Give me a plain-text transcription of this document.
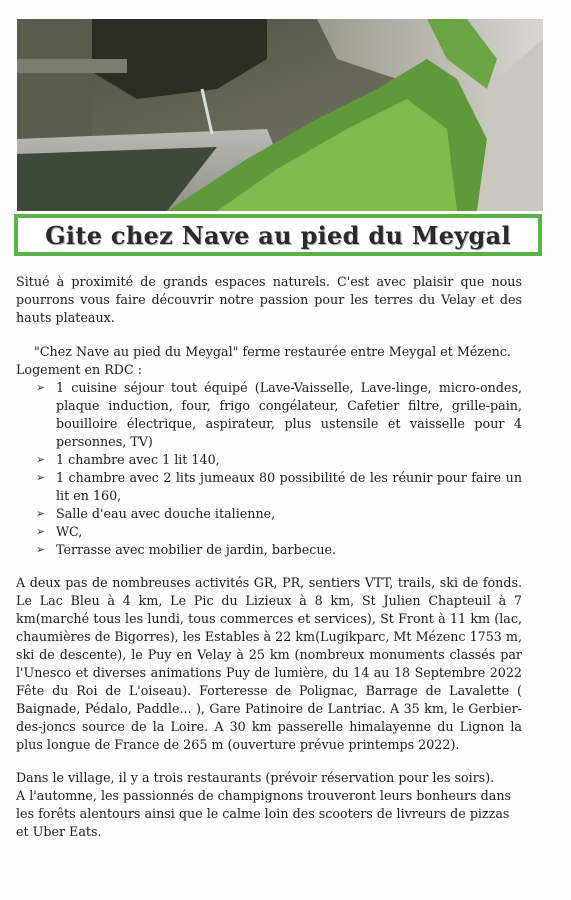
Gite chez Nave au pied du Meygal

Situé à proximité de grands espaces naturels. C'est avec plaisir que nous pourrons vous faire découvrir notre passion pour les terres du Velay et des hauts plateaux.

"Chez Nave au pied du Meygal" ferme restaurée entre Meygal et Mézenc.

Logement en RDC :

➢ 1 cuisine séjour tout équipé (Lave-Vaisselle, Lave-linge, micro-ondes, plaque induction, four, frigo congélateur, Cafetier filtre, grille-pain, bouilloire électrique, aspirateur, plus ustensile et vaisselle pour 4 personnes, TV)
➢ 1 chambre avec 1 lit 140,
➢ 1 chambre avec 2 lits jumeaux 80 possibilité de les réunir pour faire un lit en 160,
➢ Salle d'eau avec douche italienne,
➢ WC,
➢ Terrasse avec mobilier de jardin, barbecue.

A deux pas de nombreuses activités GR, PR, sentiers VTT, trails, ski de fonds. Le Lac Bleu à 4 km, Le Pic du Lizieux à 8 km, St Julien Chapteuil à 7 km(marché tous les lundi, tous commerces et services), St Front à 11 km (lac, chaumières de Bigorres), les Estables à 22 km(Lugikparc, Mt Mézenc 1753 m, ski de descente), le Puy en Velay à 25 km (nombreux monuments classés par l'Unesco et diverses animations Puy de lumière, du 14 au 18 Septembre 2022 Fête du Roi de L'oiseau). Forteresse de Polignac, Barrage de Lavalette ( Baignade, Pédalo, Paddle... ), Gare Patinoire de Lantriac. A 35 km, le Gerbier-des-joncs source de la Loire. A 30 km passerelle himalayenne du Lignon la plus longue de France de 265 m (ouverture prévue printemps 2022).

Dans le village, il y a trois restaurants (prévoir réservation pour les soirs).
A l'automne, les passionnés de champignons trouveront leurs bonheurs dans les forêts alentours ainsi que le calme loin des scooters de livreurs de pizzas et Uber Eats.
